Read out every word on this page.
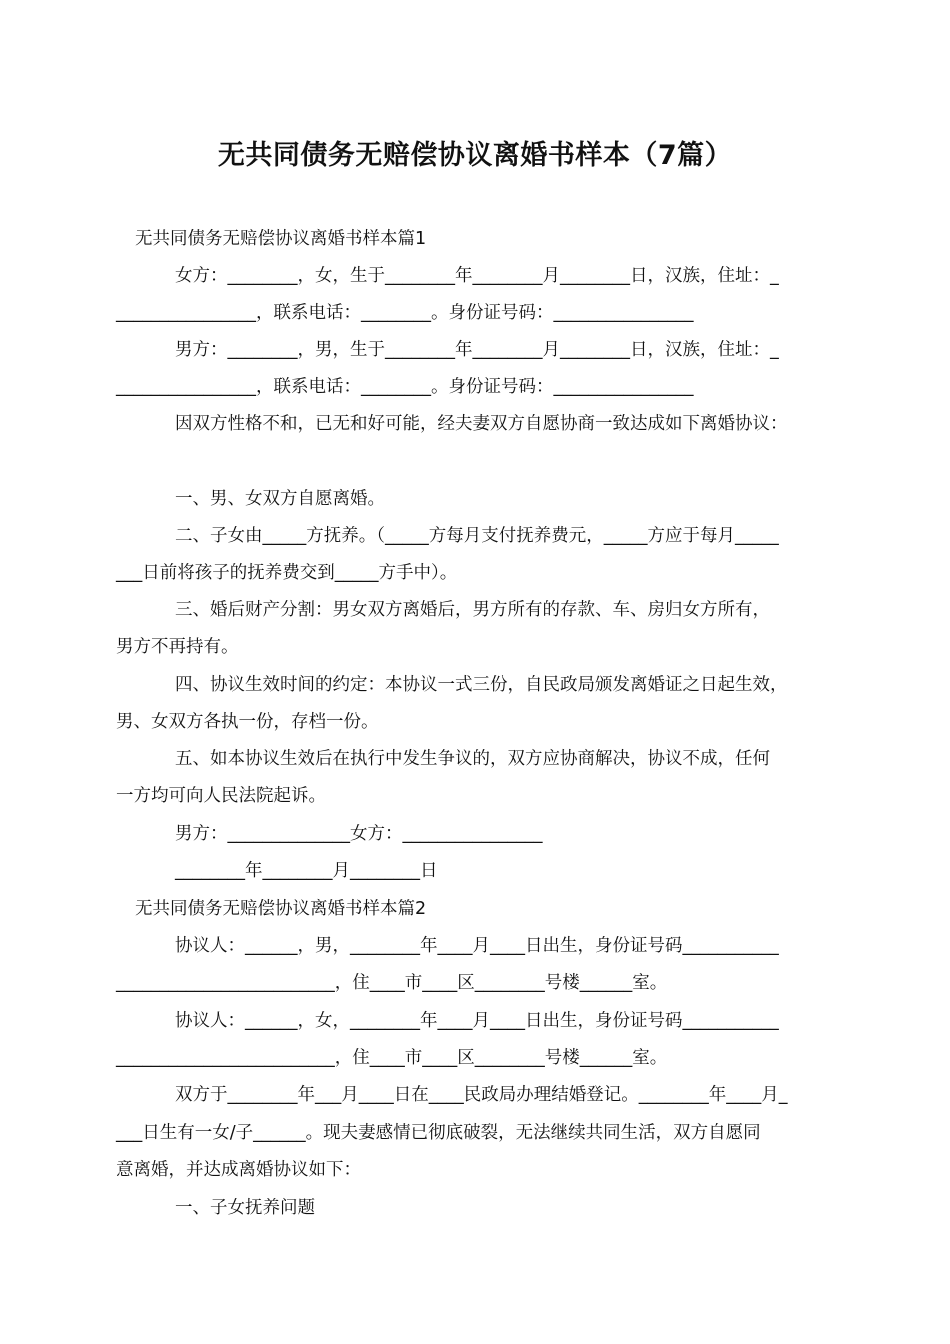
无共同债务无赔偿协议离婚书样本（7篇）
无共同债务无赔偿协议离婚书样本篇1
女方：________，女，生于________年________月________日，汉族，住址：_
________________，联系电话：________。身份证号码：________________
男方：________，男，生于________年________月________日，汉族，住址：_
________________，联系电话：________。身份证号码：________________
因双方性格不和，已无和好可能，经夫妻双方自愿协商一致达成如下离婚协议：
一、男、女双方自愿离婚。
二、子女由_____方抚养。（_____方每月支付抚养费元，_____方应于每月_____
___日前将孩子的抚养费交到_____方手中）。
三、婚后财产分割：男女双方离婚后，男方所有的存款、车、房归女方所有，
男方不再持有。
四、协议生效时间的约定：本协议一式三份，自民政局颁发离婚证之日起生效，
男、女双方各执一份，存档一份。
五、如本协议生效后在执行中发生争议的，双方应协商解决，协议不成，任何
一方均可向人民法院起诉。
男方：______________女方：________________
________年________月________日
无共同债务无赔偿协议离婚书样本篇2
协议人：______，男，________年____月____日出生，身份证号码___________
_________________________，住____市____区________号楼______室。
协议人：______，女，________年____月____日出生，身份证号码___________
_________________________，住____市____区________号楼______室。
双方于________年___月____日在____民政局办理结婚登记。________年____月_
___日生有一女/子______。现夫妻感情已彻底破裂，无法继续共同生活，双方自愿同
意离婚，并达成离婚协议如下：
一、子女抚养问题
